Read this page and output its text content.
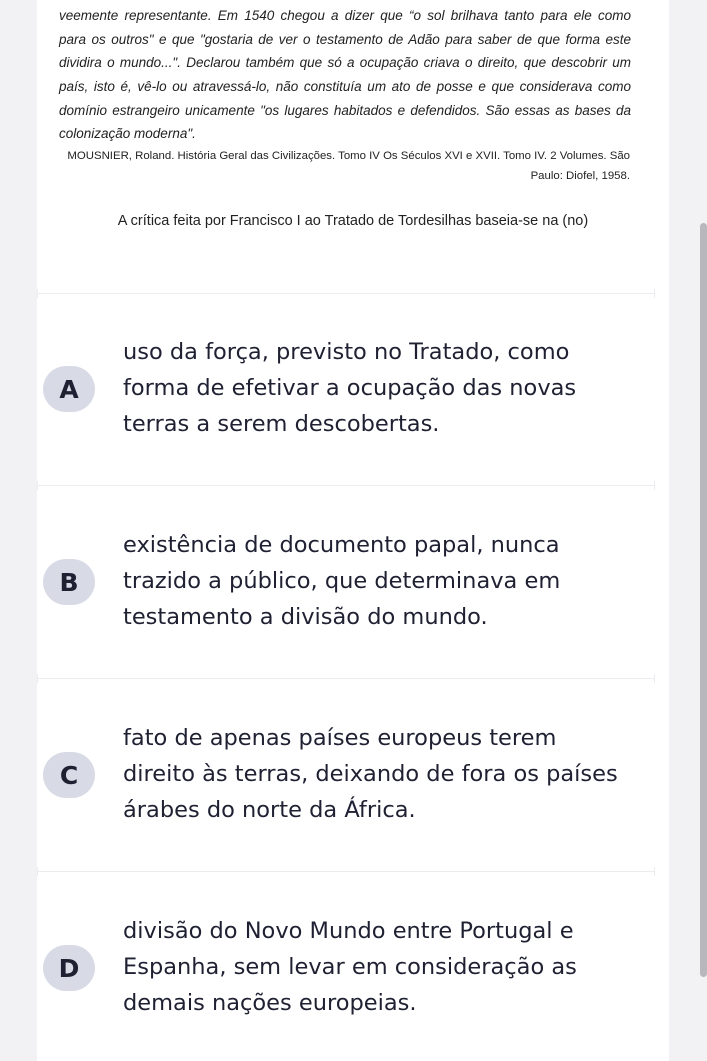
veemente representante. Em 1540 chegou a dizer que “o sol brilhava tanto para ele como
para os outros" e que "gostaria de ver o testamento de Adão para saber de que forma este
dividira o mundo...". Declarou também que só a ocupação criava o direito, que descobrir um
país, isto é, vê-lo ou atravessá-lo, não constituía um ato de posse e que considerava como
domínio estrangeiro unicamente "os lugares habitados e defendidos. São essas as bases da
colonização moderna".
MOUSNIER, Roland. História Geral das Civilizações. Tomo IV Os Séculos XVI e XVII. Tomo IV. 2 Volumes. São
Paulo: Diofel, 1958.
A crítica feita por Francisco I ao Tratado de Tordesilhas baseia-se na (no)
A
uso da força, previsto no Tratado, como
forma de efetivar a ocupação das novas
terras a serem descobertas.
B
existência de documento papal, nunca
trazido a público, que determinava em
testamento a divisão do mundo.
C
fato de apenas países europeus terem
direito às terras, deixando de fora os países
árabes do norte da África.
D
divisão do Novo Mundo entre Portugal e
Espanha, sem levar em consideração as
demais nações europeias.
